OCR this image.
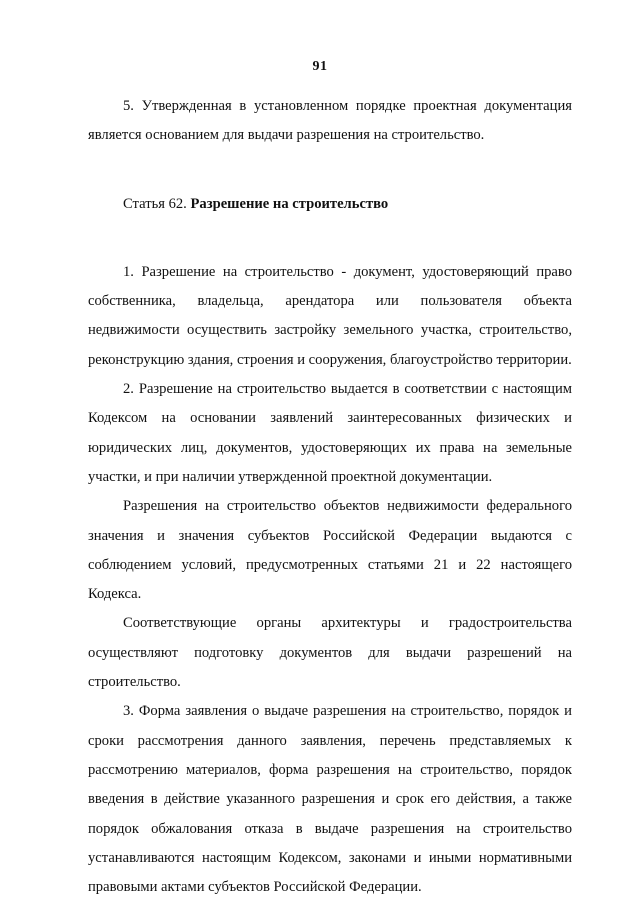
91

5. Утвержденная в установленном порядке проектная документация является основанием для выдачи разрешения на строительство.

Статья 62. Разрешение на строительство

1. Разрешение на строительство - документ, удостоверяющий право собственника, владельца, арендатора или пользователя объекта недвижимости осуществить застройку земельного участка, строительство, реконструкцию здания, строения и сооружения, благоустройство территории.

2. Разрешение на строительство выдается в соответствии с настоящим Кодексом на основании заявлений заинтересованных физических и юридических лиц, документов, удостоверяющих их права на земельные участки, и при наличии утвержденной проектной документации.

Разрешения на строительство объектов недвижимости федерального значения и значения субъектов Российской Федерации выдаются с соблюдением условий, предусмотренных статьями 21 и 22 настоящего Кодекса.

Соответствующие органы архитектуры и градостроительства осуществляют подготовку документов для выдачи разрешений на строительство.

3. Форма заявления о выдаче разрешения на строительство, порядок и сроки рассмотрения данного заявления, перечень представляемых к рассмотрению материалов, форма разрешения на строительство, порядок введения в действие указанного разрешения и срок его действия, а также порядок обжалования отказа в выдаче разрешения на строительство устанавливаются настоящим Кодексом, законами и иными нормативными правовыми актами субъектов Российской Федерации.
